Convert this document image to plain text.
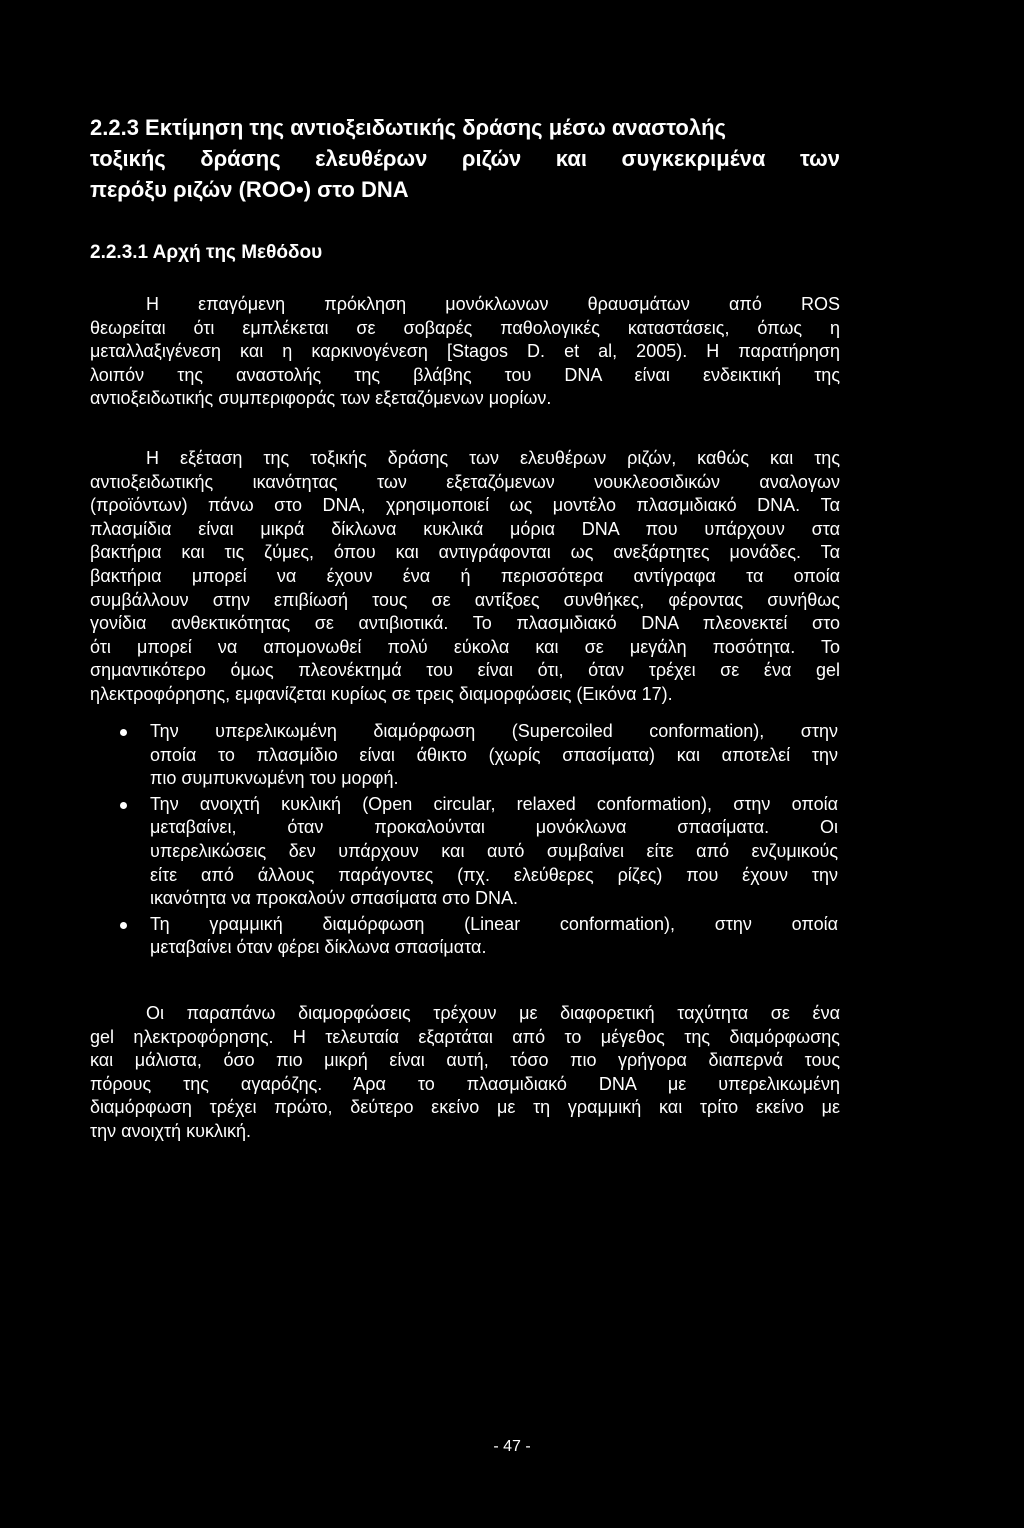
2.2.3 Εκτίμηση της αντιοξειδωτικής δράσης μέσω αναστολής
τοξικής δράσης ελευθέρων ριζών και συγκεκριμένα των
περόξυ ριζών (ROO•) στο DNA
2.2.3.1 Αρχή της Μεθόδου
Η επαγόμενη πρόκληση μονόκλωνων θραυσμάτων από ROS
θεωρείται ότι εμπλέκεται σε σοβαρές παθολογικές καταστάσεις, όπως η
μεταλλαξιγένεση και η καρκινογένεση [Stagos D. et al, 2005). Η παρατήρηση
λοιπόν της αναστολής της βλάβης του DNA είναι ενδεικτική της
αντιοξειδωτικής συμπεριφοράς των εξεταζόμενων μορίων.
Η εξέταση της τοξικής δράσης των ελευθέρων ριζών, καθώς και της
αντιοξειδωτικής ικανότητας των εξεταζόμενων νουκλεοσιδικών αναλογων
(προϊόντων) πάνω στο DNA, χρησιμοποιεί ως μοντέλο πλασμιδιακό DNA. Τα
πλασμίδια είναι μικρά δίκλωνα κυκλικά μόρια DNA που υπάρχουν στα
βακτήρια και τις ζύμες, όπου και αντιγράφονται ως ανεξάρτητες μονάδες. Τα
βακτήρια μπορεί να έχουν ένα ή περισσότερα αντίγραφα τα οποία
συμβάλλουν στην επιβίωσή τους σε αντίξοες συνθήκες, φέροντας συνήθως
γονίδια ανθεκτικότητας σε αντιβιοτικά. Το πλασμιδιακό DNA πλεονεκτεί στο
ότι μπορεί να απομονωθεί πολύ εύκολα και σε μεγάλη ποσότητα. Το
σημαντικότερο όμως πλεονέκτημά του είναι ότι, όταν τρέχει σε ένα gel
ηλεκτροφόρησης, εμφανίζεται κυρίως σε τρεις διαμορφώσεις (Εικόνα 17).
Την υπερελικωμένη διαμόρφωση (Supercoiled conformation), στην
οποία το πλασμίδιο είναι άθικτο (χωρίς σπασίματα) και αποτελεί την
πιο συμπυκνωμένη του μορφή.
Την ανοιχτή κυκλική (Open circular, relaxed conformation), στην οποία
μεταβαίνει, όταν προκαλούνται μονόκλωνα σπασίματα. Οι
υπερελικώσεις δεν υπάρχουν και αυτό συμβαίνει είτε από ενζυμικούς
είτε από άλλους παράγοντες (πχ. ελεύθερες ρίζες) που έχουν την
ικανότητα να προκαλούν σπασίματα στο DNA.
Τη γραμμική διαμόρφωση (Linear conformation), στην οποία
μεταβαίνει όταν φέρει δίκλωνα σπασίματα.
Οι παραπάνω διαμορφώσεις τρέχουν με διαφορετική ταχύτητα σε ένα
gel ηλεκτροφόρησης. Η τελευταία εξαρτάται από το μέγεθος της διαμόρφωσης
και μάλιστα, όσο πιο μικρή είναι αυτή, τόσο πιο γρήγορα διαπερνά τους
πόρους της αγαρόζης. Άρα το πλασμιδιακό DNA με υπερελικωμένη
διαμόρφωση τρέχει πρώτο, δεύτερο εκείνο με τη γραμμική και τρίτο εκείνο με
την ανοιχτή κυκλική.
- 47 -
